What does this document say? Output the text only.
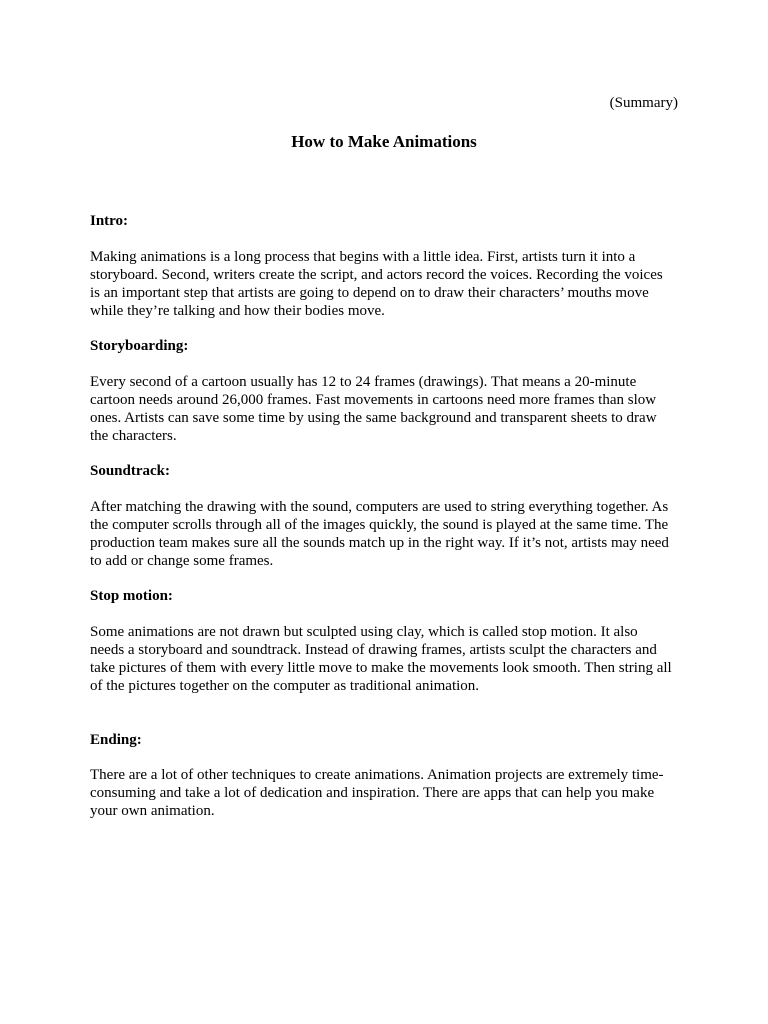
(Summary)
How to Make Animations
Intro:

Making animations is a long process that begins with a little idea. First, artists turn it into a
storyboard. Second, writers create the script, and actors record the voices. Recording the voices
is an important step that artists are going to depend on to draw their characters’ mouths move
while they’re talking and how their bodies move.

Storyboarding:

Every second of a cartoon usually has 12 to 24 frames (drawings). That means a 20-minute
cartoon needs around 26,000 frames. Fast movements in cartoons need more frames than slow
ones. Artists can save some time by using the same background and transparent sheets to draw
the characters.

Soundtrack:

After matching the drawing with the sound, computers are used to string everything together. As
the computer scrolls through all of the images quickly, the sound is played at the same time. The
production team makes sure all the sounds match up in the right way. If it’s not, artists may need
to add or change some frames.

Stop motion:

Some animations are not drawn but sculpted using clay, which is called stop motion. It also
needs a storyboard and soundtrack. Instead of drawing frames, artists sculpt the characters and
take pictures of them with every little move to make the movements look smooth. Then string all
of the pictures together on the computer as traditional animation.

Ending:

There are a lot of other techniques to create animations. Animation projects are extremely time-
consuming and take a lot of dedication and inspiration. There are apps that can help you make
your own animation.
